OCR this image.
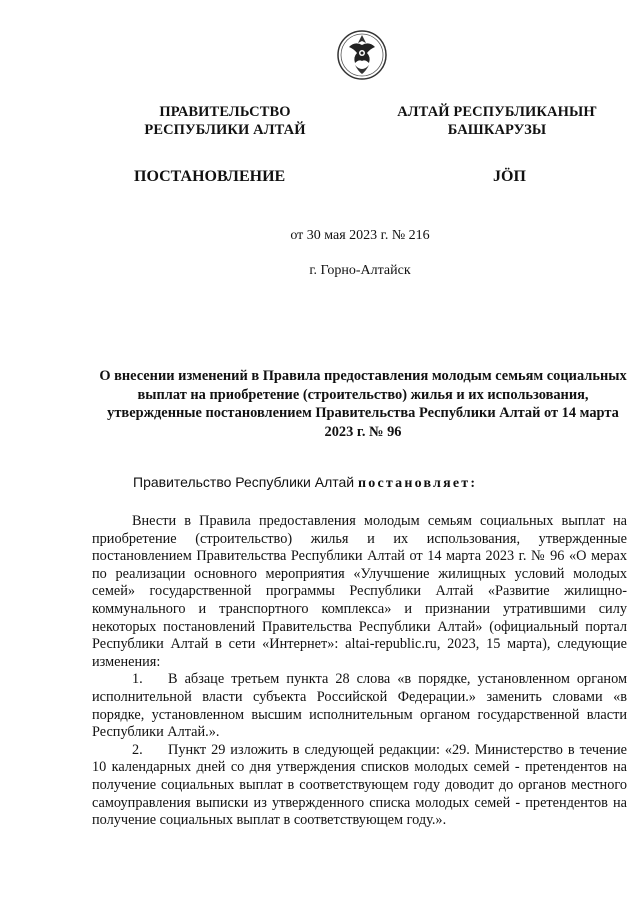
ПРАВИТЕЛЬСТВО
РЕСПУБЛИКИ АЛТАЙ
АЛТАЙ РЕСПУБЛИКАНЫҤ
БАШКАРУЗЫ
ПОСТАНОВЛЕНИЕ	JÖП
от 30 мая 2023 г. № 216
г. Горно-Алтайск
О внесении изменений в Правила предоставления молодым семьям социальных выплат на приобретение (строительство) жилья и их использования, утвержденные постановлением Правительства Республики Алтай от 14 марта 2023 г. № 96
Правительство Республики Алтай постановляет:

Внести в Правила предоставления молодым семьям социальных выплат на приобретение (строительство) жилья и их использования, утвержденные постановлением Правительства Республики Алтай от 14 марта 2023 г. № 96 «О мерах по реализации основного мероприятия «Улучшение жилищных условий молодых семей» государственной программы Республики Алтай «Развитие жилищно-коммунального и транспортного комплекса» и признании утратившими силу некоторых постановлений Правительства Республики Алтай» (официальный портал Республики Алтай в сети «Интернет»: altai-republic.ru, 2023, 15 марта), следующие изменения:

1. В абзаце третьем пункта 28 слова «в порядке, установленном органом исполнительной власти субъекта Российской Федерации.» заменить словами «в порядке, установленном высшим исполнительным органом государственной власти Республики Алтай.».

2. Пункт 29 изложить в следующей редакции: «29. Министерство в течение 10 календарных дней со дня утверждения списков молодых семей - претендентов на получение социальных выплат в соответствующем году доводит до органов местного самоуправления выписки из утвержденного списка молодых семей - претендентов на получение социальных выплат в соответствующем году.».
